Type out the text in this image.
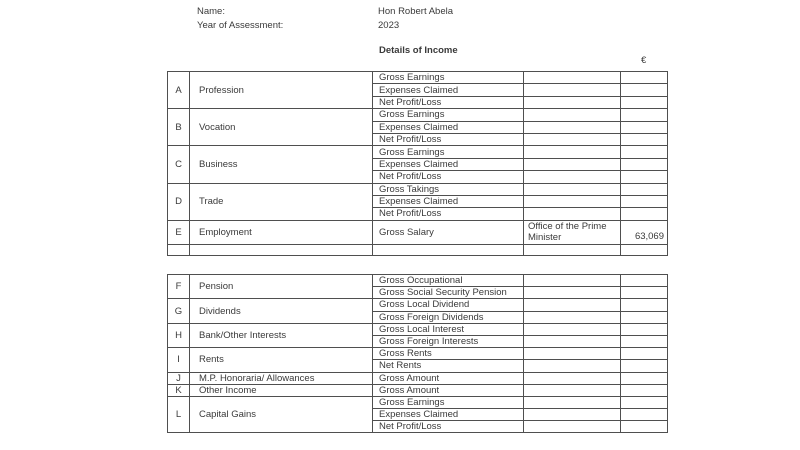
Name:	Hon Robert Abela
Year of Assessment:	2023
Details of Income
€
A	Profession	Gross Earnings		
		Expenses Claimed		
		Net Profit/Loss		
B	Vocation	Gross Earnings		
		Expenses Claimed		
		Net Profit/Loss		
C	Business	Gross Earnings		
		Expenses Claimed		
		Net Profit/Loss		
D	Trade	Gross Takings		
		Expenses Claimed		
		Net Profit/Loss		
E	Employment	Gross Salary	Office of the Prime Minister	63,069

F	Pension	Gross Occupational		
		Gross Social Security Pension		
G	Dividends	Gross Local Dividend		
		Gross Foreign Dividends		
H	Bank/Other Interests	Gross Local Interest		
		Gross Foreign Interests		
I	Rents	Gross Rents		
		Net Rents		
J	M.P. Honoraria/ Allowances	Gross Amount		
K	Other Income	Gross Amount		
L	Capital Gains	Gross Earnings		
		Expenses Claimed		
		Net Profit/Loss		
